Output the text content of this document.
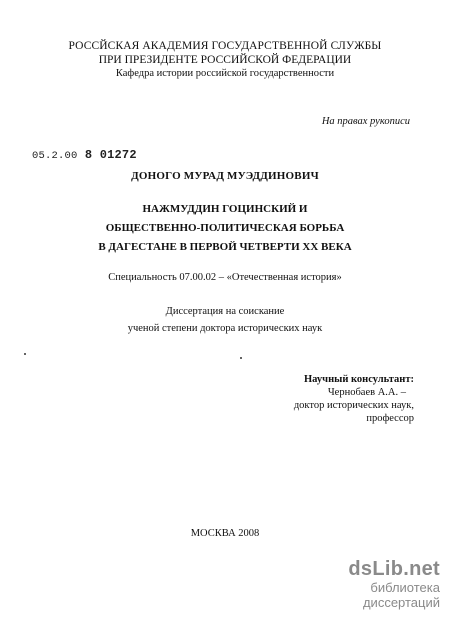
РОССЙСКАЯ АКАДЕМИЯ ГОСУДАРСТВЕННОЙ СЛУЖБЫ
ПРИ ПРЕЗИДЕНТЕ РОССИЙСКОЙ ФЕДЕРАЦИИ
Кафедра истории российской государственности
На правах рукописи
05.2.00 8 01272
ДОНОГО МУРАД МУЭДДИНОВИЧ
НАЖМУДДИН ГОЦИНСКИЙ И
ОБЩЕСТВЕННО-ПОЛИТИЧЕСКАЯ БОРЬБА
В ДАГЕСТАНЕ В ПЕРВОЙ ЧЕТВЕРТИ XX ВЕКА
Специальность 07.00.02 – «Отечественная история»
Диссертация на соискание
ученой степени доктора исторических наук
Научный консультант:
Чернобаев А.А. –
доктор исторических наук,
профессор
МОСКВА 2008
dsLib.net
библиотека диссертаций
